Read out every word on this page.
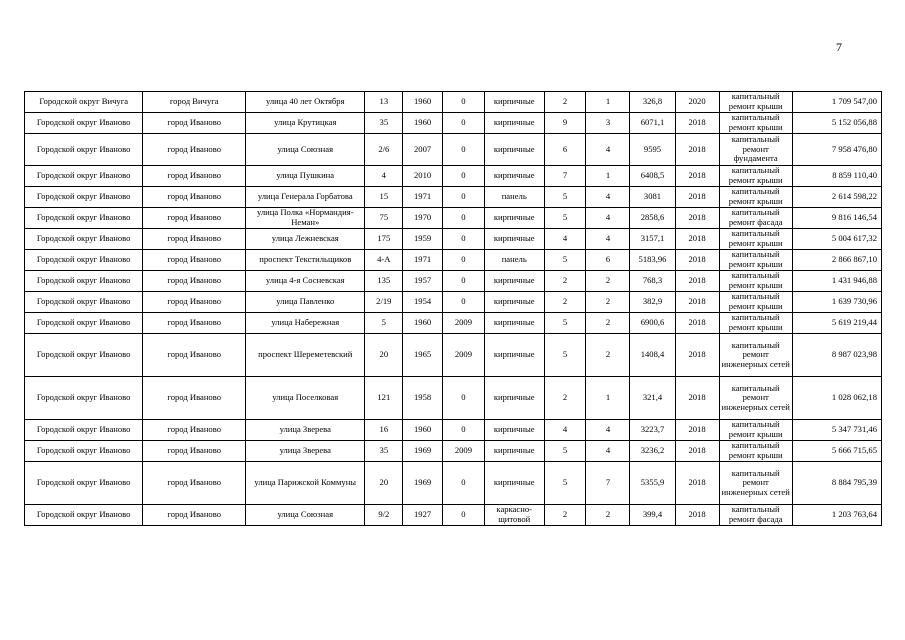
7
Городской округ Вичуга	город Вичуга	улица 40 лет Октября	13	1960	0	кирпичные	2	1	326,8	2020	капитальный ремонт крыши	1 709 547,00
Городской округ Иваново	город Иваново	улица Крутицкая	35	1960	0	кирпичные	9	3	6071,1	2018	капитальный ремонт крыши	5 152 056,88
Городской округ Иваново	город Иваново	улица Союзная	2/6	2007	0	кирпичные	6	4	9595	2018	капитальный ремонт фундамента	7 958 476,80
Городской округ Иваново	город Иваново	улица Пушкина	4	2010	0	кирпичные	7	1	6408,5	2018	капитальный ремонт крыши	8 859 110,40
Городской округ Иваново	город Иваново	улица Генерала Горбатова	15	1971	0	панель	5	4	3081	2018	капитальный ремонт крыши	2 614 598,22
Городской округ Иваново	город Иваново	улица Полка «Нормандия-Неман»	75	1970	0	кирпичные	5	4	2858,6	2018	капитальный ремонт фасада	9 816 146,54
Городской округ Иваново	город Иваново	улица Лежневская	175	1959	0	кирпичные	4	4	3157,1	2018	капитальный ремонт крыши	5 004 617,32
Городской округ Иваново	город Иваново	проспект Текстильщиков	4-А	1971	0	панель	5	6	5183,96	2018	капитальный ремонт крыши	2 866 867,10
Городской округ Иваново	город Иваново	улица 4-я Сосневская	135	1957	0	кирпичные	2	2	768,3	2018	капитальный ремонт крыши	1 431 946,88
Городской округ Иваново	город Иваново	улица Павленко	2/19	1954	0	кирпичные	2	2	382,9	2018	капитальный ремонт крыши	1 639 730,96
Городской округ Иваново	город Иваново	улица Набережная	5	1960	2009	кирпичные	5	2	6900,6	2018	капитальный ремонт крыши	5 619 219,44
Городской округ Иваново	город Иваново	проспект Шереметевский	20	1965	2009	кирпичные	5	2	1408,4	2018	капитальный ремонт инженерных сетей	8 987 023,98
Городской округ Иваново	город Иваново	улица Поселковая	121	1958	0	кирпичные	2	1	321,4	2018	капитальный ремонт инженерных сетей	1 028 062,18
Городской округ Иваново	город Иваново	улица Зверева	16	1960	0	кирпичные	4	4	3223,7	2018	капитальный ремонт крыши	5 347 731,46
Городской округ Иваново	город Иваново	улица Зверева	35	1969	2009	кирпичные	5	4	3236,2	2018	капитальный ремонт крыши	5 666 715,65
Городской округ Иваново	город Иваново	улица Парижской Коммуны	20	1969	0	кирпичные	5	7	5355,9	2018	капитальный ремонт инженерных сетей	8 884 795,39
Городской округ Иваново	город Иваново	улица Союзная	9/2	1927	0	каркасно-щитовой	2	2	399,4	2018	капитальный ремонт фасада	1 203 763,64
